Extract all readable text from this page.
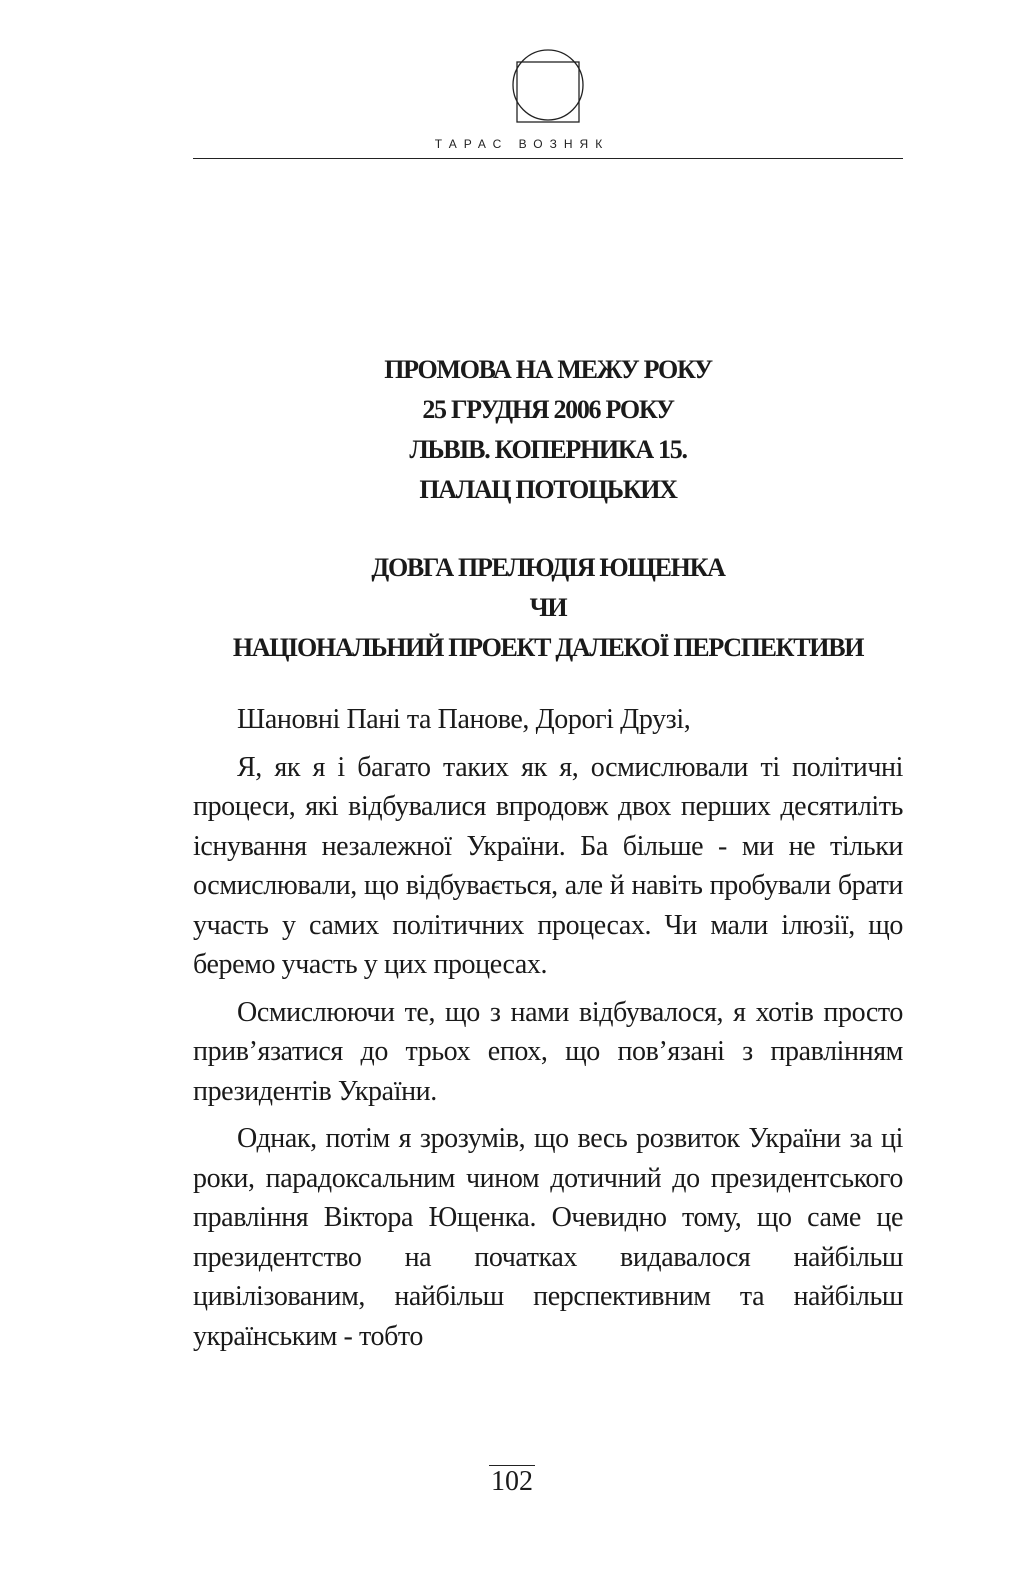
ТАРАС ВОЗНЯК
ПРОМОВА НА МЕЖУ РОКУ
25 ГРУДНЯ 2006 РОКУ
ЛЬВІВ. КОПЕРНИКА 15.
ПАЛАЦ ПОТОЦЬКИХ
ДОВГА ПРЕЛЮДІЯ ЮЩЕНКА
ЧИ
НАЦІОНАЛЬНИЙ ПРОЕКТ ДАЛЕКОЇ ПЕРСПЕКТИВИ

Шановні Пані та Панове, Дорогі Друзі,

Я, як я і багато таких як я, осмислювали ті політичні процеси, які відбувалися впродовж двох перших десятиліть існування незалежної України. Ба більше - ми не тільки осмислювали, що відбувається, але й навіть пробували брати участь у самих політичних процесах. Чи мали ілюзії, що беремо участь у цих процесах.

Осмислюючи те, що з нами відбувалося, я хотів просто прив’язатися до трьох епох, що пов’язані з правлінням президентів України.

Однак, потім я зрозумів, що весь розвиток України за ці роки, парадоксальним чином дотичний до президентського правління Віктора Ющенка. Очевидно тому, що саме це президентство на початках видавалося найбільш цивілізованим, найбільш перспективним та найбільш українським - тобто

102
